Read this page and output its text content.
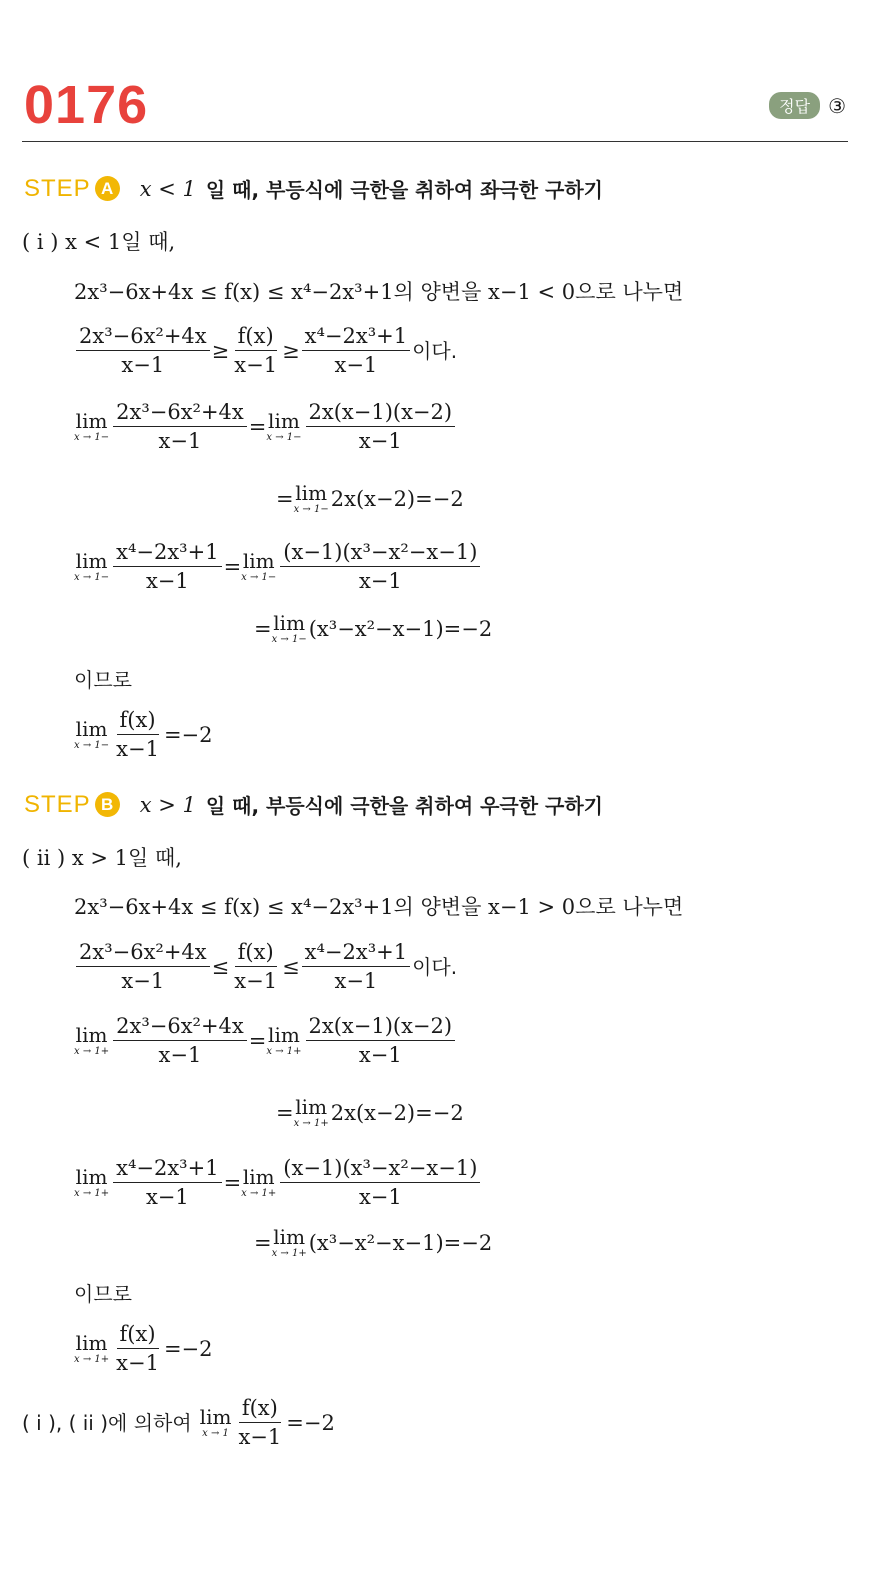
0176	정답 ③
STEP A	x < 1 일 때, 부등식에 극한을 취하여 좌극한 구하기
( i ) x < 1일 때,
2x³−6x+4x ≤ f(x) ≤ x⁴−2x³+1의 양변을 x−1 < 0으로 나누면
$\frac{\text{2x³−6x²+4x}}{x-1} \ge \frac{f(x)}{x-1} \ge \frac{\text{x⁴−2x³+1}}{x-1}$ 이다.
lim
$x \to 1- \frac{\text{2x³−6x²+4x}}{x-1} = \lim$
$x \to 1- \frac{2x(x-1)(x-2)}{x-1}$
= lim
x → 1− 2x(x−2)=−2
lim
$x \to 1- \frac{\text{x⁴−2x³+1}}{x-1} = \lim$
$x \to 1- \frac{\text{(x−1)(x³−x²−x−1)}}{x-1}$
= lim
x → 1− (x³−x²−x−1)=−2
이므로
lim
$x \to 1- \frac{f(x)}{x-1} =-2$
STEP B	x > 1 일 때, 부등식에 극한을 취하여 우극한 구하기
( ii ) x > 1일 때,
2x³−6x+4x ≤ f(x) ≤ x⁴−2x³+1의 양변을 x−1 > 0으로 나누면
$\frac{\text{2x³−6x²+4x}}{x-1} \le \frac{f(x)}{x-1} \le \frac{\text{x⁴−2x³+1}}{x-1}$ 이다.
lim
$x \to 1+ \frac{\text{2x³−6x²+4x}}{x-1} = \lim$
$x \to 1+ \frac{2x(x-1)(x-2)}{x-1}$
= lim
x → 1+ 2x(x−2)=−2
lim
$x \to 1+ \frac{\text{x⁴−2x³+1}}{x-1} = \lim$
$x \to 1+ \frac{\text{(x−1)(x³−x²−x−1)}}{x-1}$
= lim
x → 1+ (x³−x²−x−1)=−2
이므로
lim
$x \to 1+ \frac{f(x)}{x-1} =-2$
( i ), ( ii )에 의하여 lim
$x \to 1 \frac{f(x)}{x-1} =-2$
